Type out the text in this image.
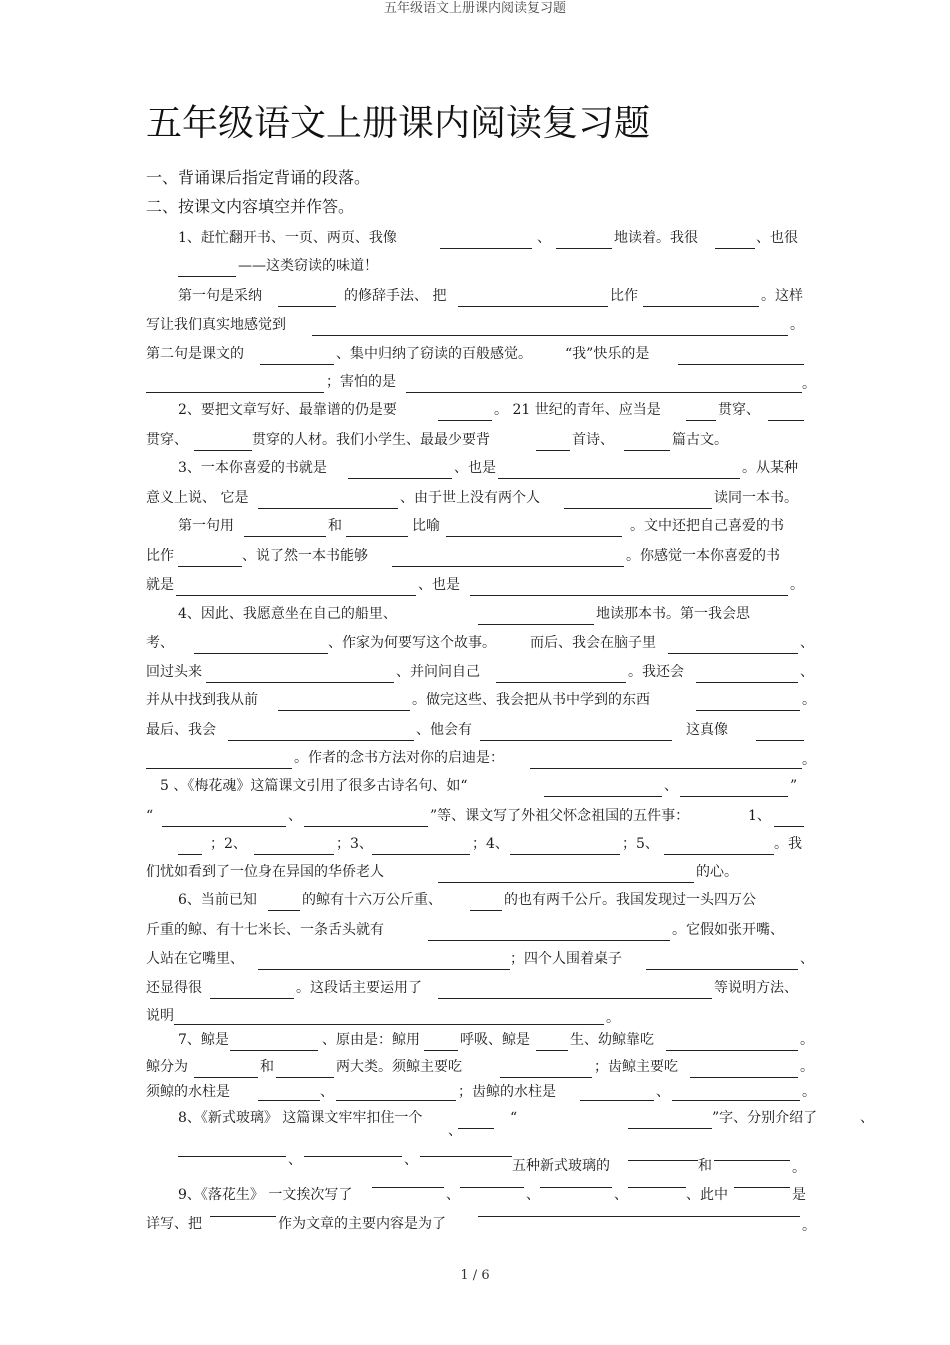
五年级语文上册课内阅读复习题
五年级语文上册课内阅读复习题
一、背诵课后指定背诵的段落。
二、按课文内容填空并作答。
1、赶忙翻开书、一页、两页、我像	、	地读着。我很	、也很
——这类窃读的味道！
第一句是采纳	的修辞手法、 把	比作	。这样
写让我们真实地感觉到	。
第二句是课文的	、集中归纳了窃读的百般感觉。 “我”快乐的是
；害怕的是	。
2、要把文章写好、最靠谱的仍是要	。 21 世纪的青年、应当是	贯穿、
贯穿、	贯穿的人材。我们小学生、最最少要背	首诗、	篇古文。
3、一本你喜爱的书就是	、也是	。从某种
意义上说、 它是	、由于世上没有两个人	读同一本书。
第一句用	和	比喻	。文中还把自己喜爱的书
比作	、说了然一本书能够	。你感觉一本你喜爱的书
就是	、也是	。
4、因此、我愿意坐在自己的船里、	地读那本书。第一我会思
考、	、作家为何要写这个故事。 而后、我会在脑子里	、
回过头来	、并问问自己	。我还会	、
并从中找到我从前	。做完这些、我会把从书中学到的东西	。
最后、我会	、他会有	这真像
。作者的念书方法对你的启迪是：	。
5 、《梅花魂》这篇课文引用了很多古诗名句、如“	、	”
“	、	”等、课文写了外祖父怀念祖国的五件事：	1、
；2、	；3、	；4、	；5、	。我
们忧如看到了一位身在异国的华侨老人	的心。
6、当前已知	的鲸有十六万公斤重、	的也有两千公斤。我国发现过一头四万公
斤重的鲸、有十七米长、一条舌头就有	。它假如张开嘴、
人站在它嘴里、	；四个人围着桌子	、
还显得很	。这段话主要运用了	等说明方法、
说明	。
7、鲸是	、原由是：鲸用	呼吸、鲸是	生、幼鲸靠吃	。
鲸分为	和	两大类。须鲸主要吃	；齿鲸主要吃	。
须鲸的水柱是	、	；齿鲸的水柱是	、	。
8、《新式玻璃》 这篇课文牢牢扣住一个	“	”字、分别介绍了	、
、	、
、
五种新式玻璃的	和	。
9、《落花生》 一文挨次写了	、	、	、	、此中	是
详写、把	作为文章的主要内容是为了	。
1 / 6
